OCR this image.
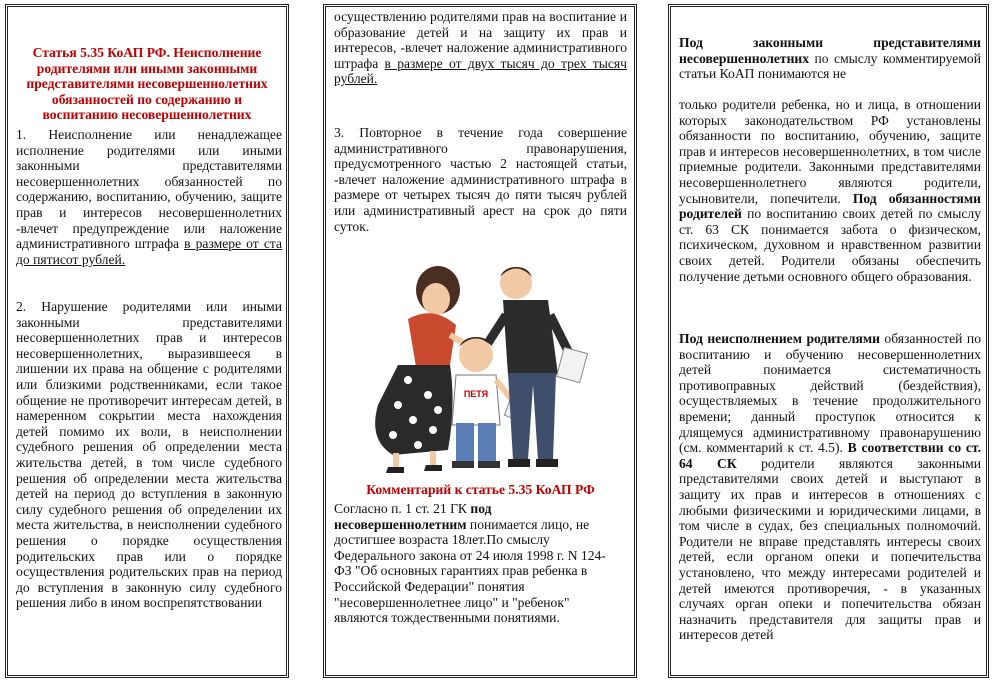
Статья 5.35 КоАП РФ. Неисполнение родителями или иными законными представителями несовершеннолетних обязанностей по содержанию и воспитанию несовершеннолетних

1. Неисполнение или ненадлежащее исполнение родителями или иными законными представителями несовершеннолетних обязанностей по содержанию, воспитанию, обучению, защите прав и интересов несовершеннолетних -влечет предупреждение или наложение административного штрафа в размере от ста до пятисот рублей.
2. Нарушение родителями или иными законными представителями несовершеннолетних прав и интересов несовершеннолетних, выразившееся в лишении их права на общение с родителями или близкими родственниками, если такое общение не противоречит интересам детей, в намеренном сокрытии места нахождения детей помимо их воли, в неисполнении судебного решения об определении места жительства детей, в том числе судебного решения об определении места жительства детей на период до вступления в законную силу судебного решения об определении их места жительства, в неисполнении судебного решения о порядке осуществления родительских прав или о порядке осуществления родительских прав на период до вступления в законную силу судебного решения либо в ином воспрепятствовании
осуществлению родителями прав на воспитание и образование детей и на защиту их прав и интересов, -влечет наложение административного штрафа в размере от двух тысяч до трех тысяч рублей.
3. Повторное в течение года совершение административного правонарушения, предусмотренного частью 2 настоящей статьи, -влечет наложение административного штрафа в размере от четырех тысяч до пяти тысяч рублей или административный арест на срок до пяти суток.
ПЕТЯ

Комментарий к статье 5.35 КоАП РФ

Согласно п. 1 ст. 21 ГК под несовершеннолетним понимается лицо, не достигшее возраста 18лет.По смыслу Федерального закона от 24 июля 1998 г. N 124-ФЗ "Об основных гарантиях прав ребенка в Российской Федерации" понятия "несовершеннолетнее лицо" и "ребенок" являются тождественными понятиями.
Под законными представителями несовершеннолетних по смыслу комментируемой статьи КоАП понимаются не
только родители ребенка, но и лица, в отношении которых законодательством РФ установлены обязанности по воспитанию, обучению, защите прав и интересов несовершеннолетних, в том числе приемные родители. Законными представителями несовершеннолетнего являются родители, усыновители, попечители. Под обязанностями родителей по воспитанию своих детей по смыслу ст. 63 СК понимается забота о физическом, психическом, духовном и нравственном развитии своих детей. Родители обязаны обеспечить получение детьми основного общего образования.
Под неисполнением родителями обязанностей по воспитанию и обучению несовершеннолетних детей понимается систематичность противоправных действий (бездействия), осуществляемых в течение продолжительного времени; данный проступок относится к длящемуся административному правонарушению (см. комментарий к ст. 4.5). В соответствии со ст. 64 СК родители являются законными представителями своих детей и выступают в защиту их прав и интересов в отношениях с любыми физическими и юридическими лицами, в том числе в судах, без специальных полномочий. Родители не вправе представлять интересы своих детей, если органом опеки и попечительства установлено, что между интересами родителей и детей имеются противоречия, - в указанных случаях орган опеки и попечительства обязан назначить представителя для защиты прав и интересов детей
